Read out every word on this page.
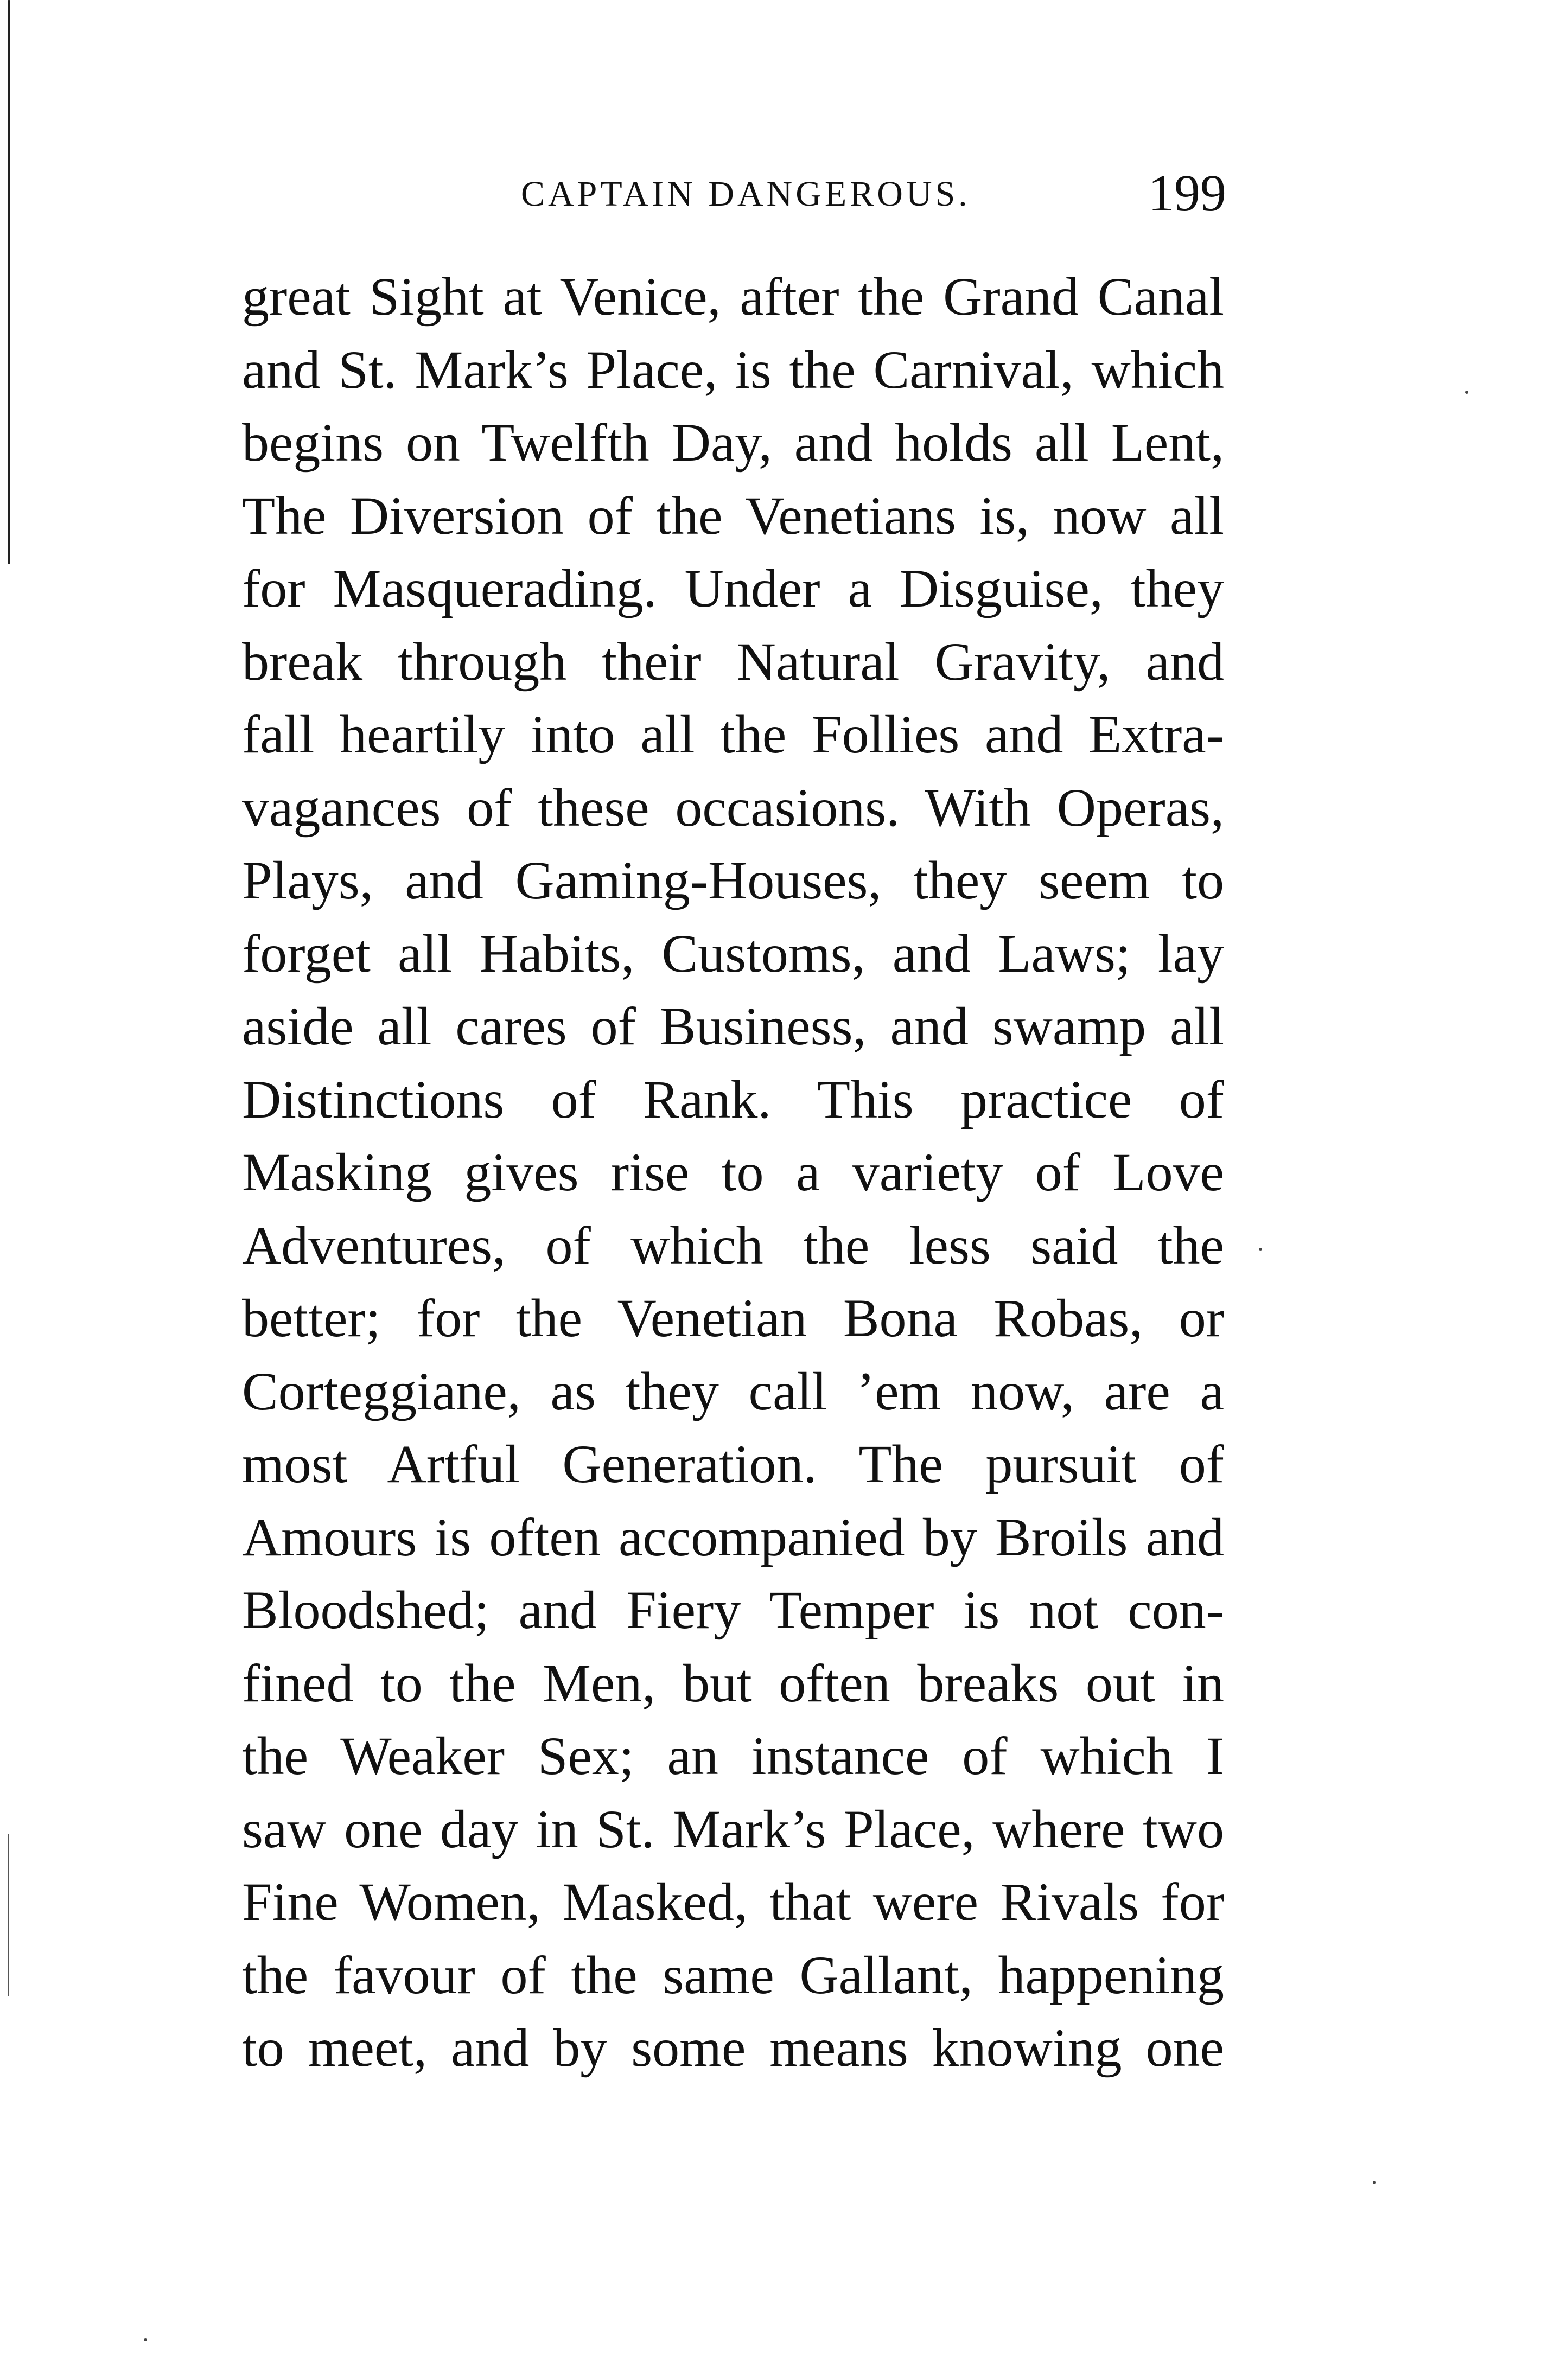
CAPTAIN DANGEROUS.	199
great Sight at Venice, after the Grand Canal
and St. Mark’s Place, is the Carnival, which
begins on Twelfth Day, and holds all Lent,
The Diversion of the Venetians is, now all
for Masquerading. Under a Disguise, they
break through their Natural Gravity, and
fall heartily into all the Follies and Extra-
vagances of these occasions. With Operas,
Plays, and Gaming-Houses, they seem to
forget all Habits, Customs, and Laws; lay
aside all cares of Business, and swamp all
Distinctions of Rank. This practice of
Masking gives rise to a variety of Love
Adventures, of which the less said the
better; for the Venetian Bona Robas, or
Corteggiane, as they call ’em now, are a
most Artful Generation. The pursuit of
Amours is often accompanied by Broils and
Bloodshed; and Fiery Temper is not con-
fined to the Men, but often breaks out in
the Weaker Sex; an instance of which I
saw one day in St. Mark’s Place, where two
Fine Women, Masked, that were Rivals for
the favour of the same Gallant, happening
to meet, and by some means knowing one
